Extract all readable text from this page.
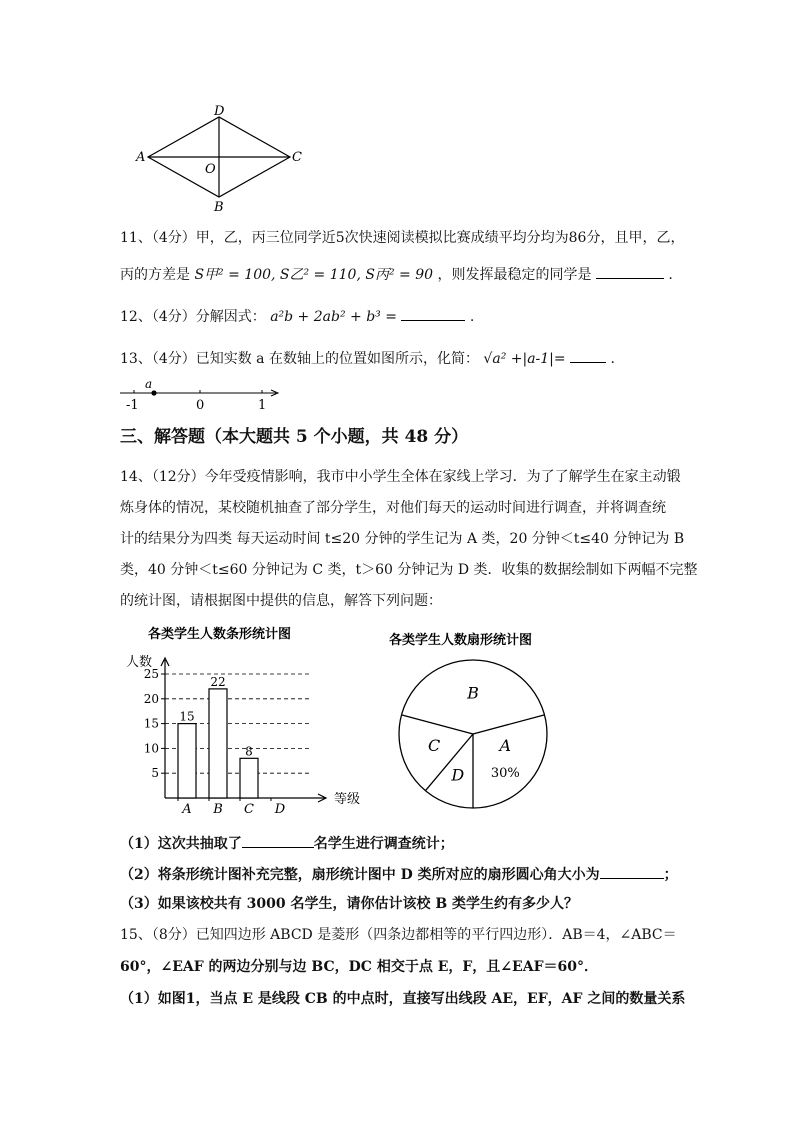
D
A
O
C
B
11、（4分）甲，乙，丙三位同学近5次快速阅读模拟比赛成绩平均分均为86分，且甲，乙，
丙的方差是 S甲² = 100, S乙² = 110, S丙² = 90 ，则发挥最稳定的同学是	.
12、（4分）分解因式： a²b + 2ab² + b³ =	.
13、（4分）已知实数 a 在数轴上的位置如图所示，化简： √a² +|a-1|=	.
a
-1	0	1
三、解答题（本大题共 5 个小题，共 48 分）
14、（12分）今年受疫情影响，我市中小学生全体在家线上学习．为了了解学生在家主动锻
炼身体的情况，某校随机抽查了部分学生，对他们每天的运动时间进行调查，并将调查统
计的结果分为四类 每天运动时间 t≤20 分钟的学生记为 A 类，20 分钟＜t≤40 分钟记为 B
类，40 分钟＜t≤60 分钟记为 C 类，t＞60 分钟记为 D 类．收集的数据绘制如下两幅不完整
的统计图，请根据图中提供的信息，解答下列问题：
各类学生人数条形统计图
人数
等级
5
10
15
20
25
15
A
22
B
8
C D
各类学生人数扇形统计图
A
30%
D
C
B
（1）这次共抽取了	名学生进行调查统计；
（2）将条形统计图补充完整，扇形统计图中 D 类所对应的扇形圆心角大小为	；
（3）如果该校共有 3000 名学生，请你估计该校 B 类学生约有多少人？
15、（8分）已知四边形 ABCD 是菱形（四条边都相等的平行四边形）．AB＝4，∠ABC＝
60°，∠EAF 的两边分别与边 BC，DC 相交于点 E，F，且∠EAF＝60°．
（1）如图1，当点 E 是线段 CB 的中点时，直接写出线段 AE，EF，AF 之间的数量关系
